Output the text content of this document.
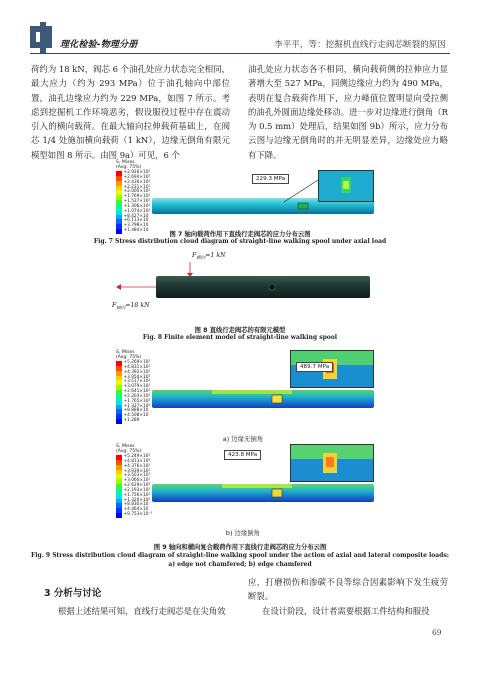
理化检验-物理分册	李平平，等：挖掘机直线行走阀芯断裂的原因

荷约为 18 kN，阀芯 6 个油孔处应力状态完全相同，最大应力（约为 293 MPa）位于油孔轴向中部位置，油孔边缘应力约为 229 MPa，如图 7 所示。考虑到挖掘机工作环境恶劣，假设服役过程中存在震动引入的横向载荷。在最大轴向拉伸载荷基础上，在阀芯 1/4 处施加横向载荷（1 kN），边缘无倒角有限元模型如图 8 所示。由图 9a）可见，6 个

油孔处应力状态各不相同，横向载荷侧的拉伸应力显著增大至 527 MPa，同侧边缘应力约为 490 MPa，表明在复合载荷作用下，应力峰值位置明显向受拉侧的油孔外圆面边缘处移动。进一步对边缘进行倒角（R 为 0.5 mm）处理后，结果如图 9b）所示，应力分布云图与边缘无倒角时的并无明显差异，边缘处应力略有下降。

S, Mises
(Avg: 75%)
+2.926×10²
+2.694×10²
+2.436×10²
+2.231×10²
+2.000×10²
+1.769×10²
+1.537×10²
+1.306×10²
+1.074×10²
+8.427×10
+6.113×10
+3.798×10
+1.484×10
229.3 MPa
图 7 轴向载荷作用下直线行走阀芯的应力分布云图
Fig. 7 Stress distribution cloud diagram of straight-line walking spool under axial load
$F_{横向}=1$ kN
$F_{轴向}=18$ kN
图 8 直线行走阀芯的有限元模型
Fig. 8 Finite element model of straight-line walking spool
S, Mises
(Avg: 75%)
+5.269×10²
+4.831×10²
+4.392×10²
+3.954×10²
+3.517×10²
+3.079×10²
+2.641×10²
+2.203×10²
+1.765×10²
+1.327×10²
+8.888×10
+4.508×10
+1.289
489.7 MPa
a) 边缘无倒角
S, Mises
(Avg: 75%)
+5.249×10²
+4.813×10²
+4.376×10²
+3.939×10²
+3.503×10²
+3.066×10²
+2.629×10²
+2.193×10²
+1.756×10²
+1.320×10²
+8.830×10
+4.464×10
+9.753×10⁻¹
423.8 MPa
b) 边缘倒角
图 9 轴向和横向复合载荷作用下直线行走阀芯的应力分布云图
Fig. 9 Stress distribution cloud diagram of straight-line walking spool under the action of axial and lateral composite loads:
a) edge not chamfered; b) edge chamfered
3 分析与讨论

根据上述结果可知，直线行走阀芯是在尖角效

应，打磨损伤和渗碳不良等综合因素影响下发生疲劳断裂。

在设计阶段，设计者需要根据工件结构和服役

69
